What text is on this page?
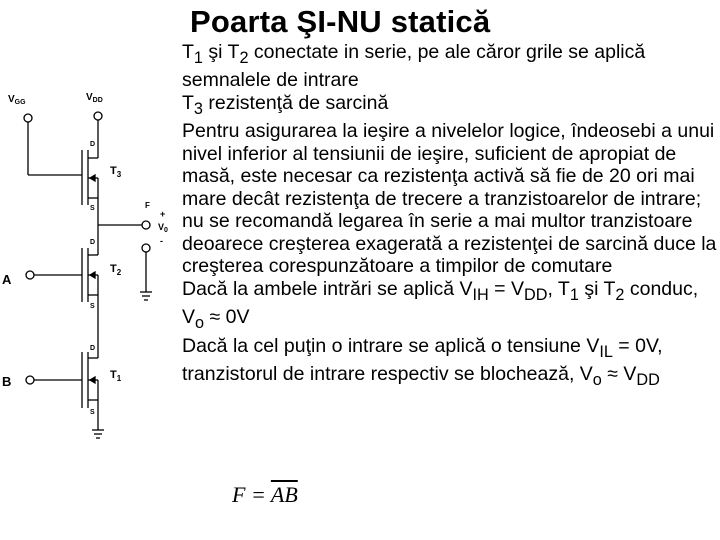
Poarta ŞI-NU statică
$V_{GG}$	$V_{DD}$
$T_3$
$T_2$
$T_1$
D
S
D
S
D
S
A
B
F
+
$V_0$
-
$T_1$ şi $T_2$ conectate in serie, pe ale căror grile se aplică semnalele de intrare
$T_3$ rezistenţă de sarcină
Pentru asigurarea la ieşire a nivelelor logice, îndeosebi a unui nivel inferior al tensiunii de ieşire, suficient de apropiat de masă, este necesar ca rezistenţa activă să fie de 20 ori mai mare decât rezistenţa de trecere a tranzistoarelor de intrare; nu se recomandă legarea în serie a mai multor tranzistoare deoarece creşterea exagerată a rezistenţei de sarcină duce la creşterea corespunzătoare a timpilor de comutare
Dacă la ambele intrări se aplică $V_{IH} = V_{DD}$, $T_1$ şi $T_2$ conduc, $V_o \approx 0V$
Dacă la cel puţin o intrare se aplică o tensiune $V_{IL} = 0V$, tranzistorul de intrare respectiv se blochează, $V_o \approx V_{DD}$
$F = \overline{AB}$
